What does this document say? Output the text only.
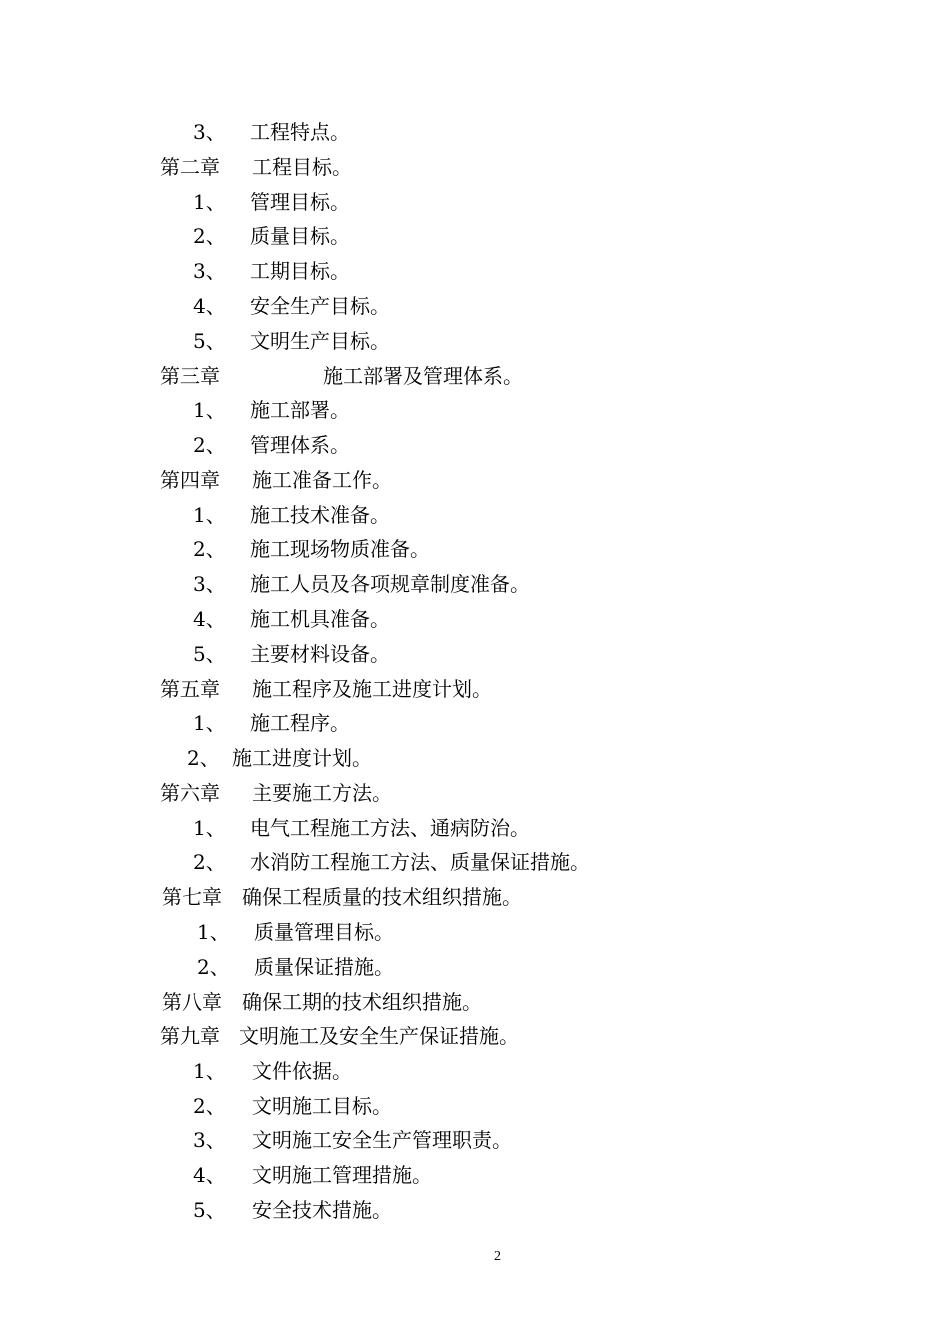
3、 工程特点。
第二章 工程目标。
1、 管理目标。
2、 质量目标。
3、 工期目标。
4、 安全生产目标。
5、 文明生产目标。
第三章	施工部署及管理体系。
1、 施工部署。
2、 管理体系。
第四章 施工准备工作。
1、 施工技术准备。
2、 施工现场物质准备。
3、 施工人员及各项规章制度准备。
4、 施工机具准备。
5、 主要材料设备。
第五章 施工程序及施工进度计划。
1、 施工程序。
2、 施工进度计划。
第六章 主要施工方法。
1、 电气工程施工方法、通病防治。
2、 水消防工程施工方法、质量保证措施。
第七章 确保工程质量的技术组织措施。
1、 质量管理目标。
2、 质量保证措施。
第八章 确保工期的技术组织措施。
第九章 文明施工及安全生产保证措施。
1、 文件依据。
2、 文明施工目标。
3、 文明施工安全生产管理职责。
4、 文明施工管理措施。
5、 安全技术措施。
2
